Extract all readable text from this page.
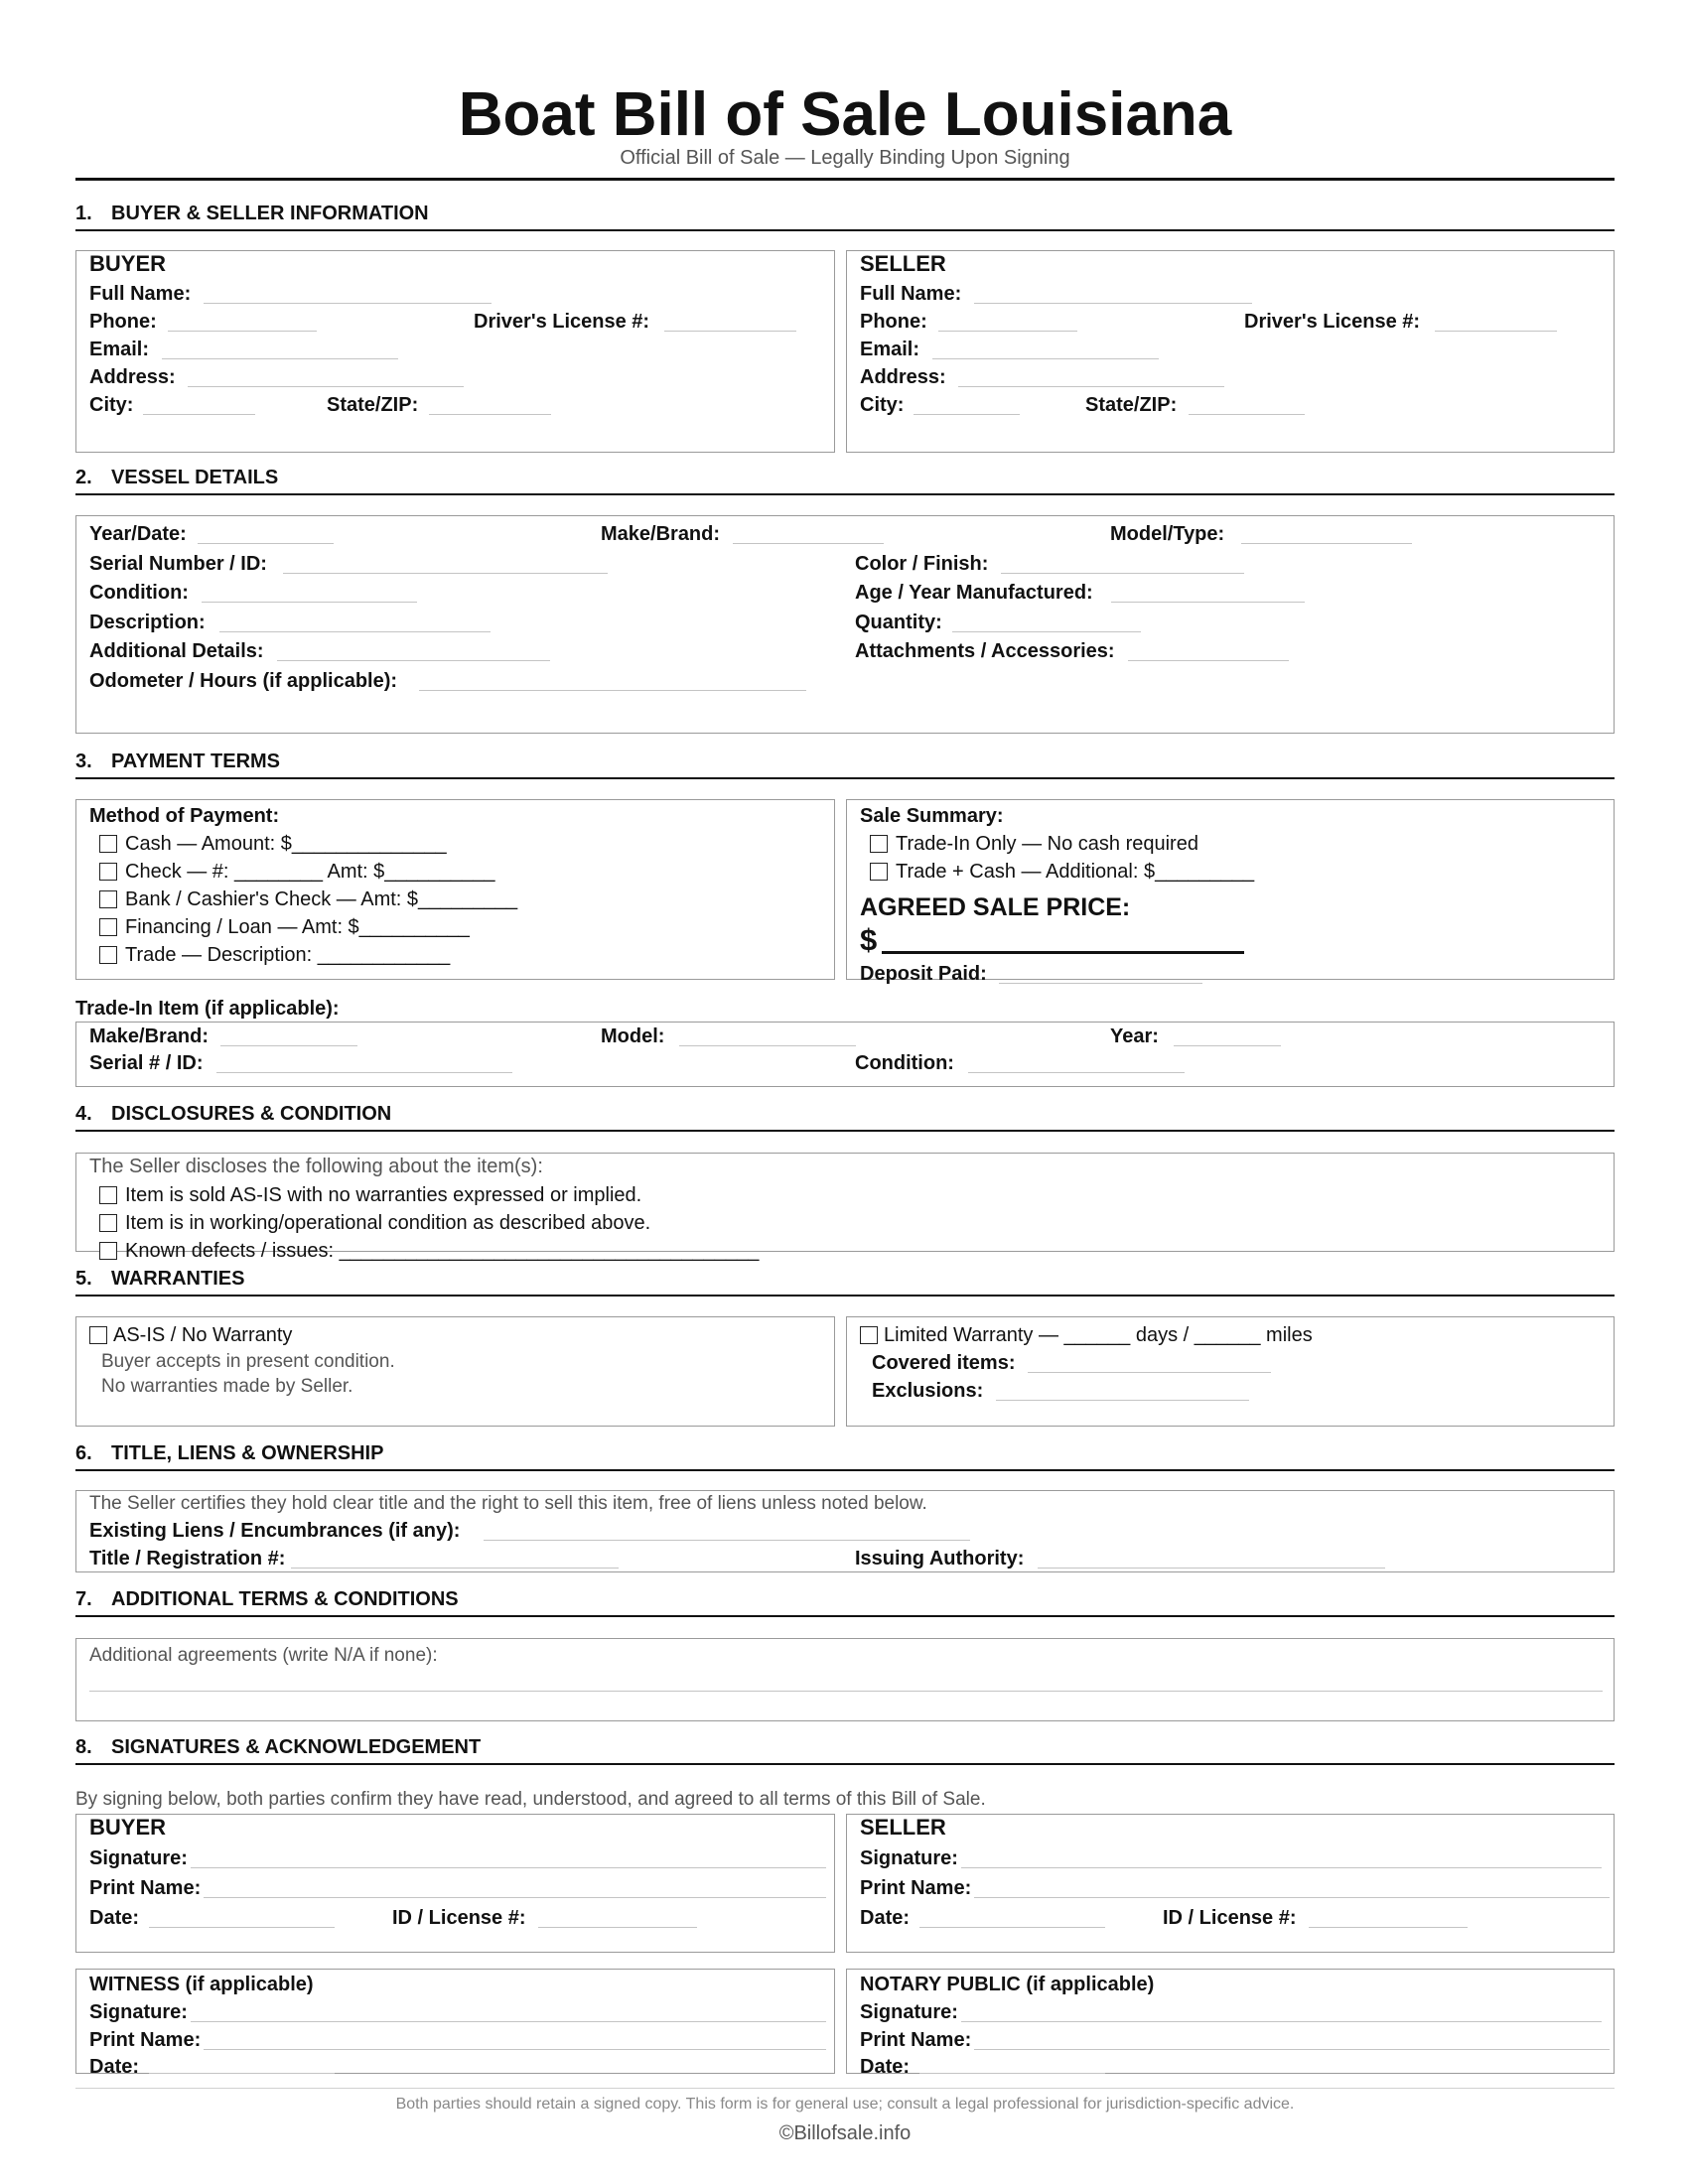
Boat Bill of Sale Louisiana
Official Bill of Sale — Legally Binding Upon Signing
1. BUYER & SELLER INFORMATION
BUYER
Full Name:
Phone:	Driver's License #:
Email:
Address:
City:	State/ZIP:
SELLER
Full Name:
Phone:	Driver's License #:
Email:
Address:
City:	State/ZIP:
2. VESSEL DETAILS
Year/Date:	Make/Brand:	Model/Type:
Serial Number / ID:	Color / Finish:
Condition:	Age / Year Manufactured:
Description:	Quantity:
Additional Details:	Attachments / Accessories:
Odometer / Hours (if applicable):
3. PAYMENT TERMS
Method of Payment:
Cash — Amount: $______________
Check — #: ________ Amt: $__________
Bank / Cashier's Check — Amt: $_________
Financing / Loan — Amt: $__________
Trade — Description: ____________
Sale Summary:
Trade-In Only — No cash required
Trade + Cash — Additional: $_________
AGREED SALE PRICE:
$
Deposit Paid:
Trade-In Item (if applicable):
Make/Brand:	Model:	Year:
Serial # / ID:	Condition:
4. DISCLOSURES & CONDITION
The Seller discloses the following about the item(s):
Item is sold AS-IS with no warranties expressed or implied.
Item is in working/operational condition as described above.
Known defects / issues: ______________________________________
5. WARRANTIES
AS-IS / No Warranty
Buyer accepts in present condition.
No warranties made by Seller.
Limited Warranty — ______ days / ______ miles
Covered items:
Exclusions:
6. TITLE, LIENS & OWNERSHIP
The Seller certifies they hold clear title and the right to sell this item, free of liens unless noted below.
Existing Liens / Encumbrances (if any):
Title / Registration #:	Issuing Authority:
7. ADDITIONAL TERMS & CONDITIONS
Additional agreements (write N/A if none):
8. SIGNATURES & ACKNOWLEDGEMENT
By signing below, both parties confirm they have read, understood, and agreed to all terms of this Bill of Sale.
BUYER
Signature:
Print Name:
Date:	ID / License #:
SELLER
Signature:
Print Name:
Date:	ID / License #:
WITNESS (if applicable)
Signature:
Print Name:
Date:
NOTARY PUBLIC (if applicable)
Signature:
Print Name:
Date:
Both parties should retain a signed copy. This form is for general use; consult a legal professional for jurisdiction-specific advice.
©Billofsale.info
